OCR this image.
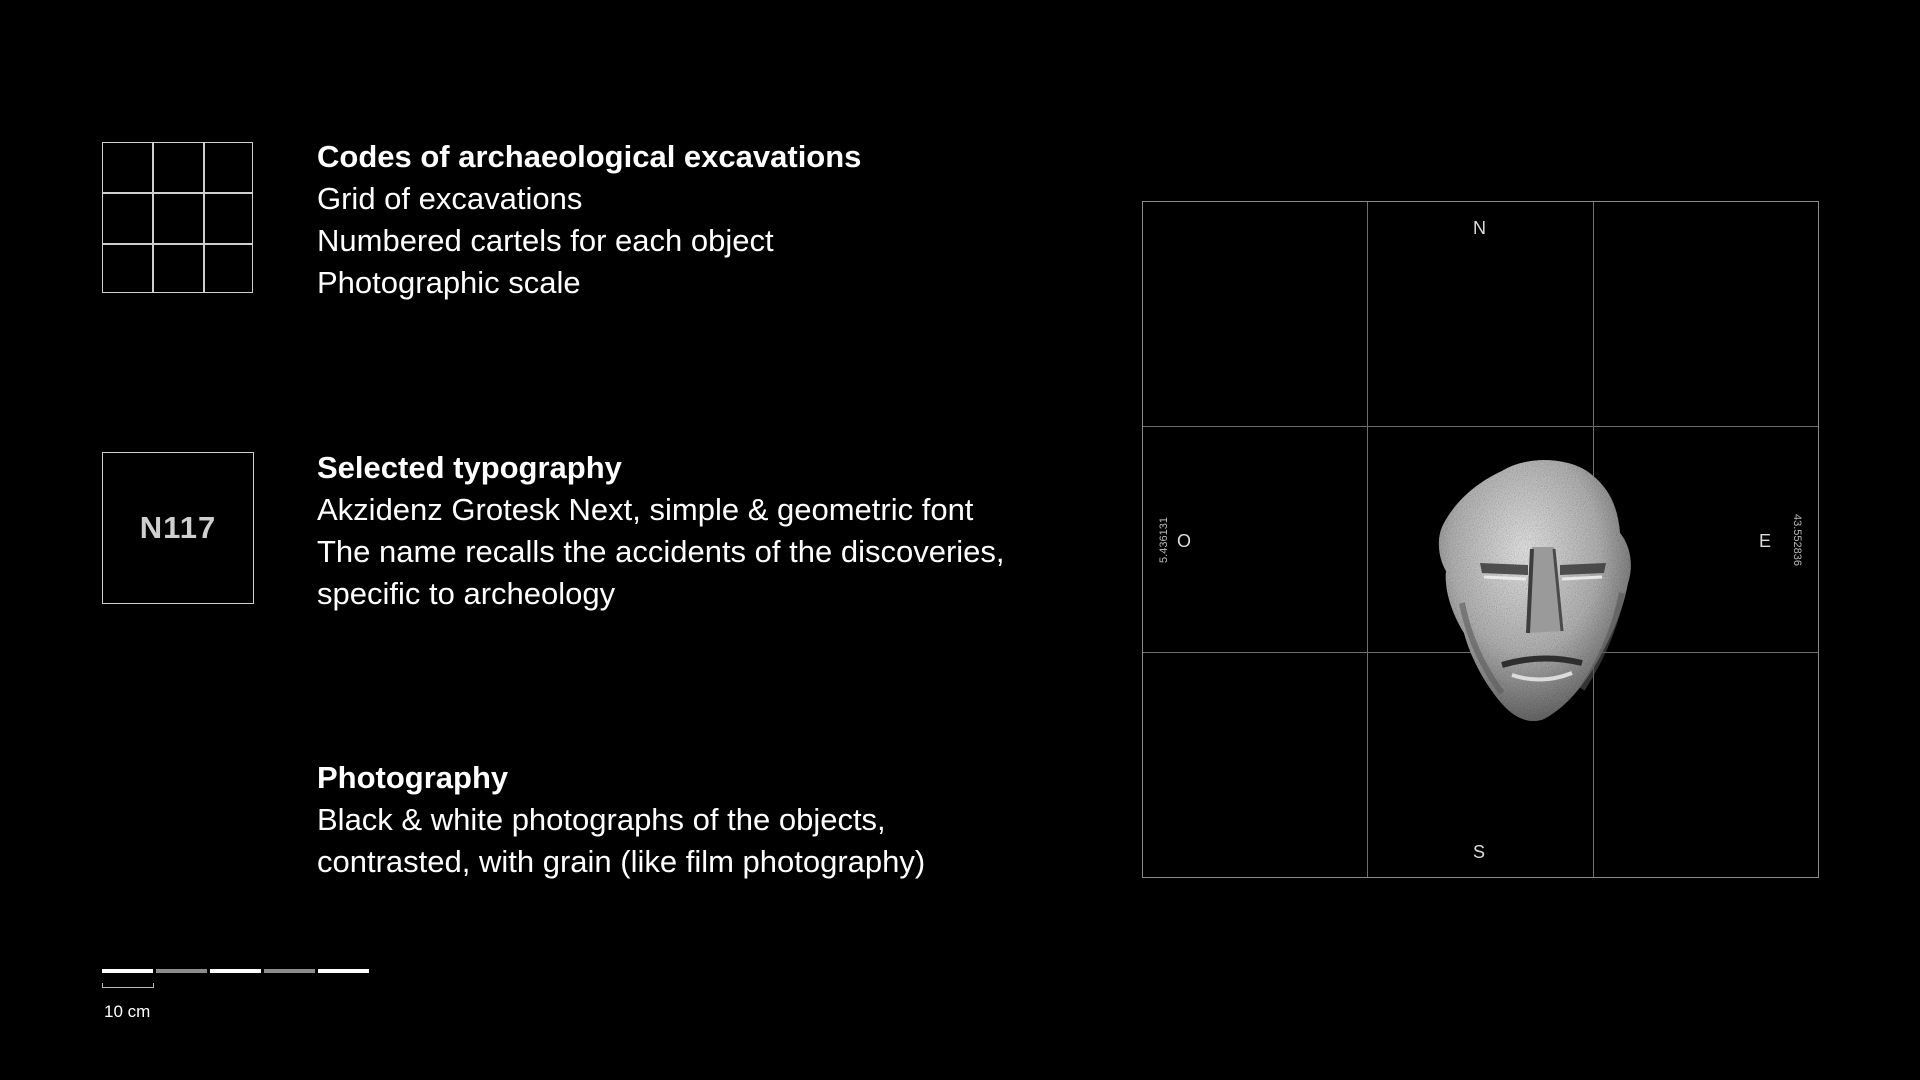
N117
Codes of archaeological excavations
Grid of excavations
Numbered cartels for each object
Photographic scale
Selected typography
Akzidenz Grotesk Next, simple & geometric font
The name recalls the accidents of the discoveries,
specific to archeology
Photography
Black & white photographs of the objects,
contrasted, with grain (like film photography)
10 cm
N
S
O	E
5.436131	43.552836
